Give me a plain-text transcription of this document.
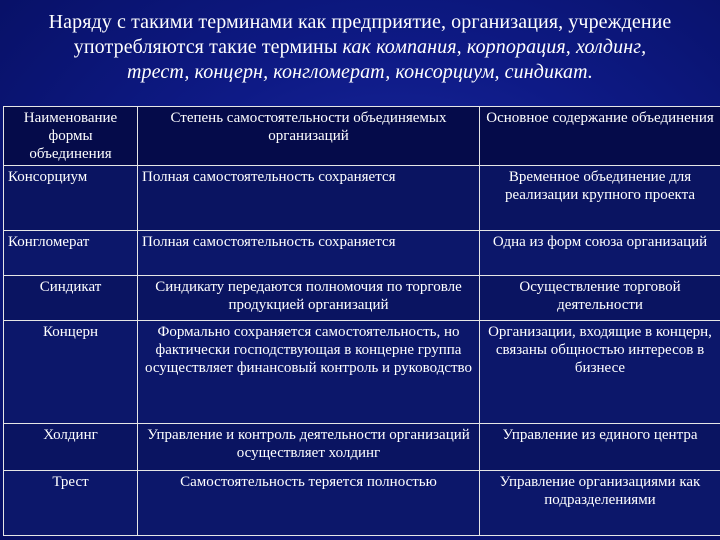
Наряду с такими терминами как предприятие, организация, учреждение
употребляются такие термины как компания, корпорация, холдинг,
трест, концерн, конгломерат, консорциум, синдикат.
Наименование формы объединения	Степень самостоятельности объединяемых организаций	Основное содержание объединения
Консорциум	Полная самостоятельность сохраняется	Временное объединение для реализации крупного проекта
Конгломерат	Полная самостоятельность сохраняется	Одна из форм союза организаций
Синдикат	Синдикату передаются полномочия по торговле продукцией организаций	Осуществление торговой деятельности
Концерн	Формально сохраняется самостоятельность, но фактически господствующая в концерне группа осуществляет финансовый контроль и руководство	Организации, входящие в концерн, связаны общностью интересов в бизнесе
Холдинг	Управление и контроль деятельности организаций осуществляет холдинг	Управление из единого центра
Трест	Самостоятельность теряется полностью	Управление организациями как подразделениями
